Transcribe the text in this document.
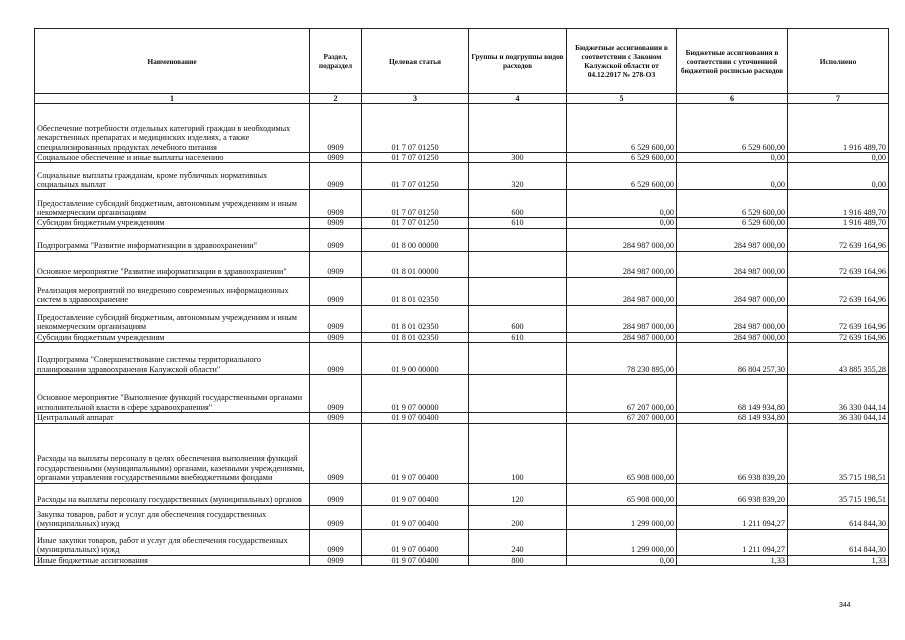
Наименование	Раздел, подраздел	Целевая статья	Группы и подгруппы видов расходов	Бюджетные ассигнования в соответствии с Законом Калужской области от 04.12.2017 № 278-ОЗ	Бюджетные ассигнования в соответствии с уточненной бюджетной росписью расходов	Исполнено
1	2	3	4	5	6	7
Обеспечение потребности отдельных категорий граждан в необходимых лекарственных препаратах и медицинских изделиях, а также специализированных продуктах лечебного питания	0909	01 7 07 01250		6 529 600,00	6 529 600,00	1 916 489,70
Социальное обеспечение и иные выплаты населению	0909	01 7 07 01250	300	6 529 600,00	0,00	0,00
Социальные выплаты гражданам, кроме публичных нормативных социальных выплат	0909	01 7 07 01250	320	6 529 600,00	0,00	0,00
Предоставление субсидий бюджетным, автономным учреждениям и иным некоммерческим организациям	0909	01 7 07 01250	600	0,00	6 529 600,00	1 916 489,70
Субсидии бюджетным учреждениям	0909	01 7 07 01250	610	0,00	6 529 600,00	1 916 489,70
Подпрограмма "Развитие информатизации в здравоохранении"	0909	01 8 00 00000		284 987 000,00	284 987 000,00	72 639 164,96
Основное мероприятие "Развитие информатизации в здравоохранении"	0909	01 8 01 00000		284 987 000,00	284 987 000,00	72 639 164,96
Реализация мероприятий по внедрению современных информационных систем в здравоохранение	0909	01 8 01 02350		284 987 000,00	284 987 000,00	72 639 164,96
Предоставление субсидий бюджетным, автономным учреждениям и иным некоммерческим организациям	0909	01 8 01 02350	600	284 987 000,00	284 987 000,00	72 639 164,96
Субсидии бюджетным учреждениям	0909	01 8 01 02350	610	284 987 000,00	284 987 000,00	72 639 164,96
Подпрограмма "Совершенствование системы территориального планирования здравоохранения Калужской области"	0909	01 9 00 00000		78 230 895,00	86 804 257,30	43 885 355,28
Основное мероприятие "Выполнение функций государственными органами исполнительной власти в сфере здравоохранения"	0909	01 9 07 00000		67 207 000,00	68 149 934,80	36 330 044,14
Центральный аппарат	0909	01 9 07 00400		67 207 000,00	68 149 934,80	36 330 044,14
Расходы на выплаты персоналу в целях обеспечения выполнения функций государственными (муниципальными) органами, казенными учреждениями, органами управления государственными внебюджетными фондами	0909	01 9 07 00400	100	65 908 000,00	66 938 839,20	35 715 198,51
Расходы на выплаты персоналу государственных (муниципальных) органов	0909	01 9 07 00400	120	65 908 000,00	66 938 839,20	35 715 198,51
Закупка товаров, работ и услуг для обеспечения государственных (муниципальных) нужд	0909	01 9 07 00400	200	1 299 000,00	1 211 094,27	614 844,30
Иные закупки товаров, работ и услуг для обеспечения государственных (муниципальных) нужд	0909	01 9 07 00400	240	1 299 000,00	1 211 094,27	614 844,30
Иные бюджетные ассигнования	0909	01 9 07 00400	800	0,00	1,33	1,33
344
